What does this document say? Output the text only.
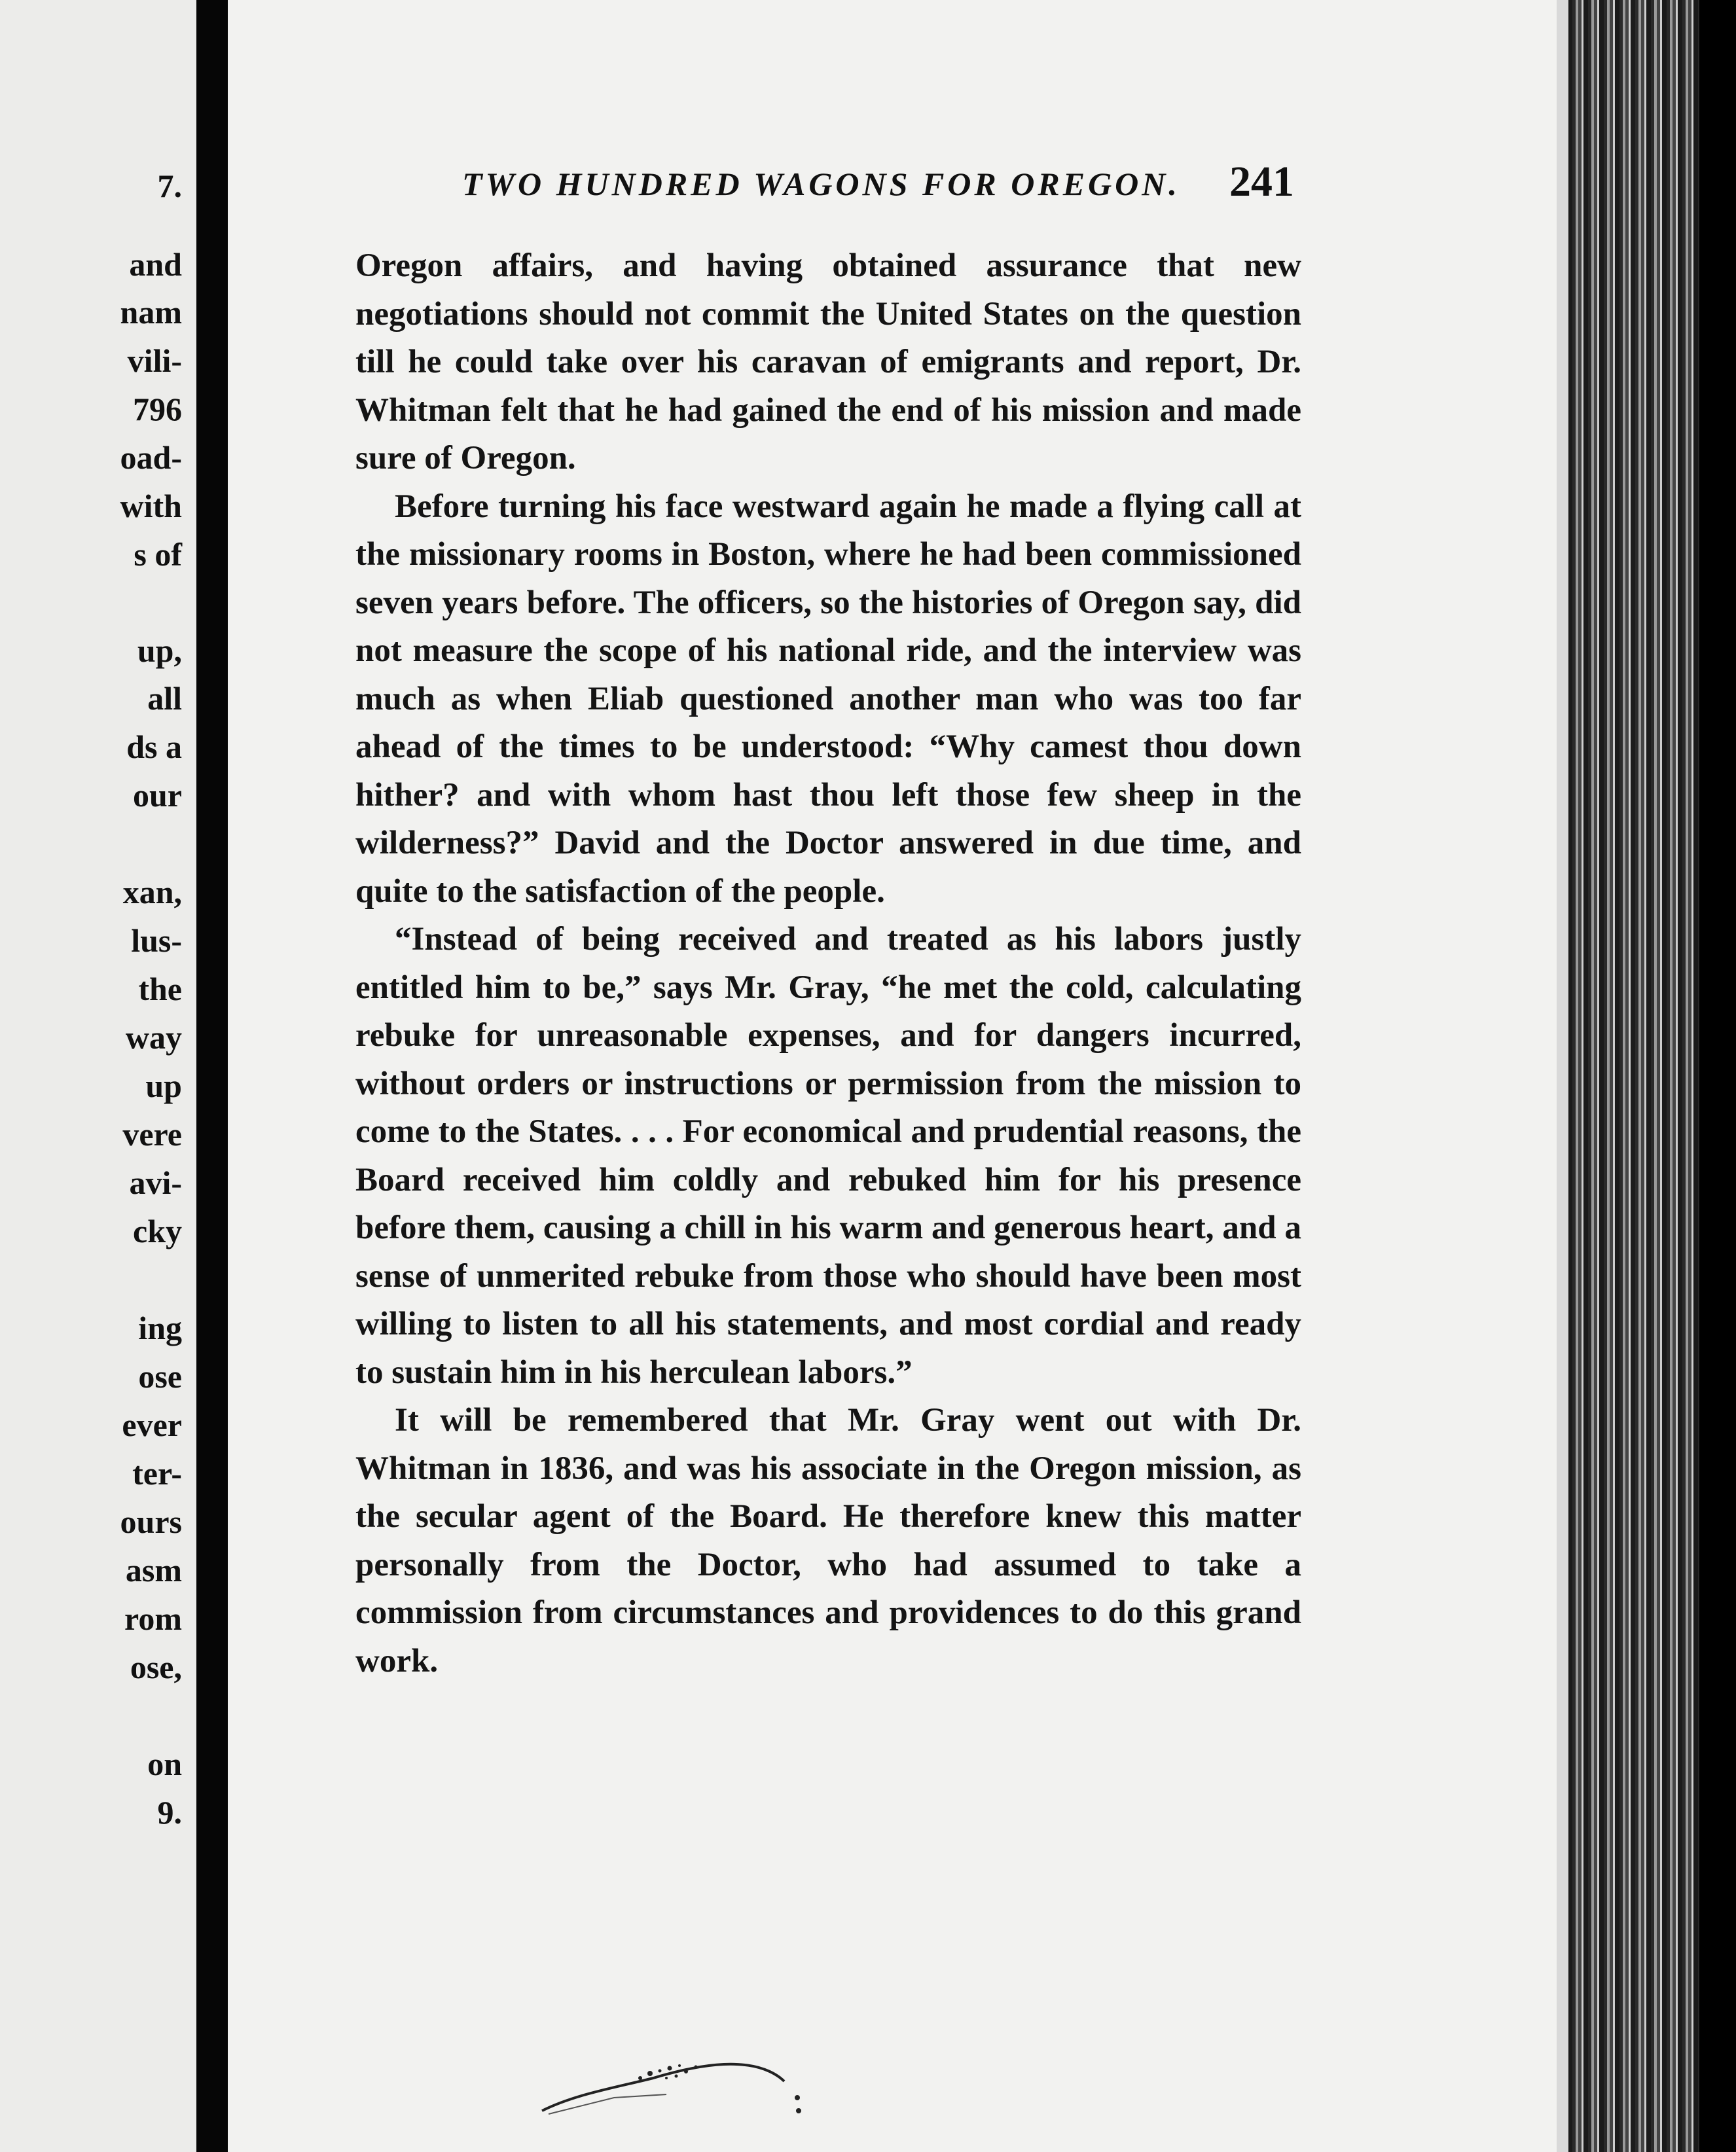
7.
and
nam
vili-
796
oad-
with
s of
up,
all
ds a
our
xan,
lus-
the
way
up
vere
avi-
cky
ing
ose
ever
ter-
ours
asm
rom
ose,
on
9.
TWO HUNDRED WAGONS FOR OREGON. 241

Oregon affairs, and having obtained assurance that new negotiations should not commit the United States on the question till he could take over his caravan of emigrants and report, Dr. Whitman felt that he had gained the end of his mission and made sure of Oregon.

Before turning his face westward again he made a flying call at the missionary rooms in Boston, where he had been commissioned seven years before. The officers, so the histories of Oregon say, did not measure the scope of his national ride, and the interview was much as when Eliab questioned another man who was too far ahead of the times to be understood: “Why camest thou down hither? and with whom hast thou left those few sheep in the wilderness?” David and the Doctor answered in due time, and quite to the satisfaction of the people.

“Instead of being received and treated as his labors justly entitled him to be,” says Mr. Gray, “he met the cold, calculating rebuke for unreasonable expenses, and for dangers incurred, without orders or instructions or permission from the mission to come to the States. . . . For economical and prudential reasons, the Board received him coldly and rebuked him for his presence before them, causing a chill in his warm and generous heart, and a sense of unmerited rebuke from those who should have been most willing to listen to all his statements, and most cordial and ready to sustain him in his herculean labors.”

It will be remembered that Mr. Gray went out with Dr. Whitman in 1836, and was his associate in the Oregon mission, as the secular agent of the Board. He therefore knew this matter personally from the Doctor, who had assumed to take a commission from circumstances and providences to do this grand work.
